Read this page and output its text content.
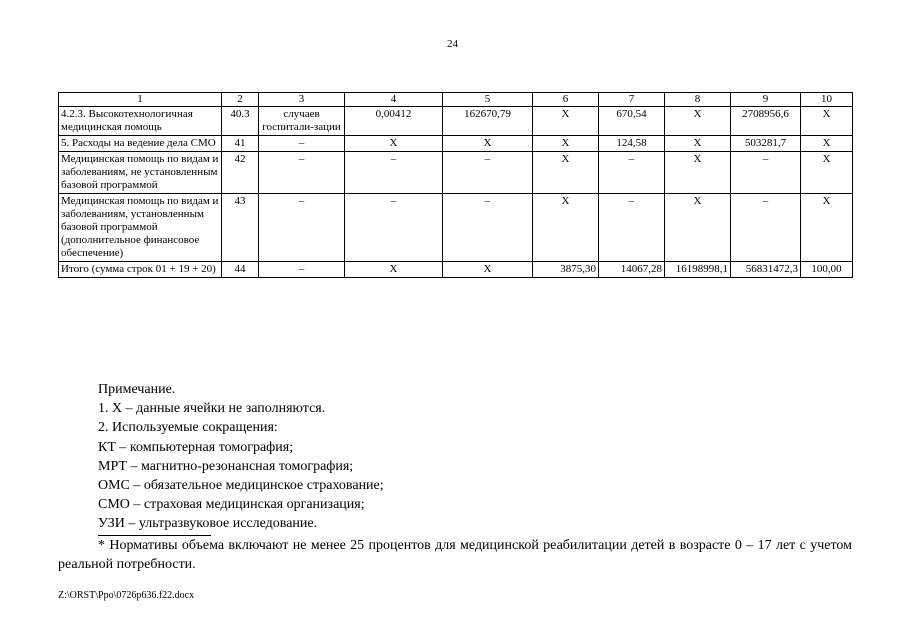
24
1	2	3	4	5	6	7	8	9	10
4.2.3. Высокотехнологичная медицинская помощь	40.3	случаев госпитали-зации	0,00412	162670,79	X	670,54	X	2708956,6	X
5. Расходы на ведение дела СМО	41	–	X	X	X	124,58	X	503281,7	X
Медицинская помощь по видам и заболеваниям, не установленным базовой программой	42	–	–	–	X	–	X	–	X
Медицинская помощь по видам и заболеваниям, установленным базовой программой (дополнительное финансовое обеспечение)	43	–	–	–	X	–	X	–	X
Итого (сумма строк 01 + 19 + 20)	44	–	X	X	3875,30	14067,28	16198998,1	56831472,3	100,00
Примечание.
1. X – данные ячейки не заполняются.
2. Используемые сокращения:
КТ – компьютерная томография;
МРТ – магнитно-резонансная томография;
ОМС – обязательное медицинское страхование;
СМО – страховая медицинская организация;
УЗИ – ультразвуковое исследование.
* Нормативы объема включают не менее 25 процентов для медицинской реабилитации детей в возрасте 0 – 17 лет с учетом реальной потребности.
Z:\ORST\Ppo\0726p636.f22.docx
